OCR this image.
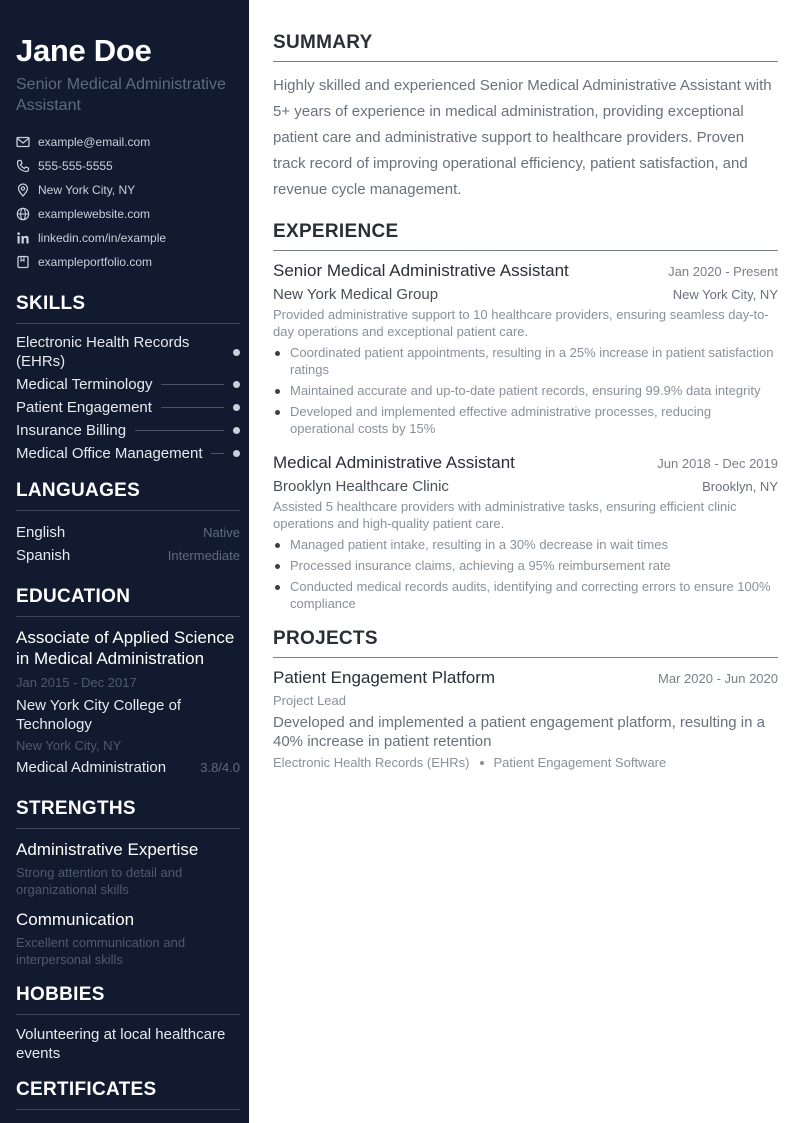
Jane Doe
Senior Medical Administrative Assistant
example@email.com
555-555-5555
New York City, NY
examplewebsite.com
linkedin.com/in/example
exampleportfolio.com
SKILLS
Electronic Health Records (EHRs)
Medical Terminology
Patient Engagement
Insurance Billing
Medical Office Management
LANGUAGES
English	Native
Spanish	Intermediate
EDUCATION
Associate of Applied Science in Medical Administration
Jan 2015 - Dec 2017
New York City College of Technology
New York City, NY
Medical Administration	3.8/4.0
STRENGTHS
Administrative Expertise
Strong attention to detail and organizational skills
Communication
Excellent communication and interpersonal skills
HOBBIES
Volunteering at local healthcare events
CERTIFICATES
SUMMARY

Highly skilled and experienced Senior Medical Administrative Assistant with 5+ years of experience in medical administration, providing exceptional patient care and administrative support to healthcare providers. Proven track record of improving operational efficiency, patient satisfaction, and revenue cycle management.

EXPERIENCE
Senior Medical Administrative Assistant	Jan 2020 - Present
New York Medical Group	New York City, NY
Provided administrative support to 10 healthcare providers, ensuring seamless day-to-day operations and exceptional patient care.
Coordinated patient appointments, resulting in a 25% increase in patient satisfaction ratings
Maintained accurate and up-to-date patient records, ensuring 99.9% data integrity
Developed and implemented effective administrative processes, reducing operational costs by 15%
Medical Administrative Assistant	Jun 2018 - Dec 2019
Brooklyn Healthcare Clinic	Brooklyn, NY
Assisted 5 healthcare providers with administrative tasks, ensuring efficient clinic operations and high-quality patient care.
Managed patient intake, resulting in a 30% decrease in wait times
Processed insurance claims, achieving a 95% reimbursement rate
Conducted medical records audits, identifying and correcting errors to ensure 100% compliance
PROJECTS
Patient Engagement Platform	Mar 2020 - Jun 2020
Project Lead
Developed and implemented a patient engagement platform, resulting in a 40% increase in patient retention
Electronic Health Records (EHRs) Patient Engagement Software
